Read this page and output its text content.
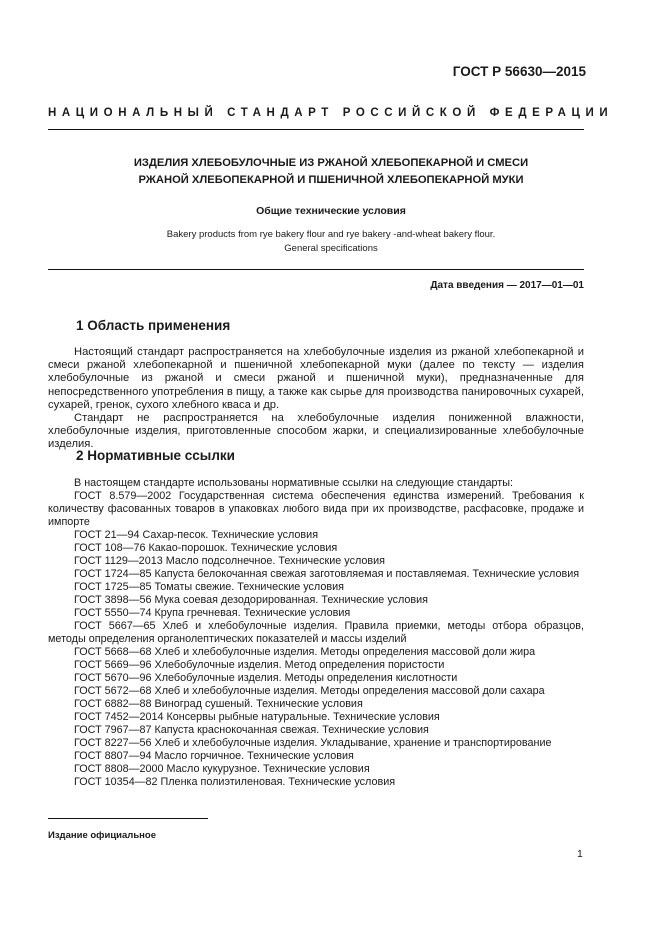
ГОСТ Р 56630—2015
НАЦИОНАЛЬНЫЙ СТАНДАРТ РОССИЙСКОЙ ФЕДЕРАЦИИ
ИЗДЕЛИЯ ХЛЕБОБУЛОЧНЫЕ ИЗ РЖАНОЙ ХЛЕБОПЕКАРНОЙ И СМЕСИ
РЖАНОЙ ХЛЕБОПЕКАРНОЙ И ПШЕНИЧНОЙ ХЛЕБОПЕКАРНОЙ МУКИ
Общие технические условия
Bakery products from rye bakery flour and rye bakery -and-wheat bakery flour.
General specifications
Дата введения — 2017—01—01
1 Область применения

Настоящий стандарт распространяется на хлебобулочные изделия из ржаной хлебопекарной и смеси ржаной хлебопекарной и пшеничной хлебопекарной муки (далее по тексту — изделия хлебобулочные из ржаной и смеси ржаной и пшеничной муки), предназначенные для непосредственного употребления в пищу, а также как сырье для производства панировочных сухарей, сухарей, гренок, сухого хлебного кваса и др.

Стандарт не распространяется на хлебобулочные изделия пониженной влажности, хлебобулочные изделия, приготовленные способом жарки, и специализированные хлебобулочные изделия.

2 Нормативные ссылки

В настоящем стандарте использованы нормативные ссылки на следующие стандарты:

ГОСТ 8.579—2002 Государственная система обеспечения единства измерений. Требования к количеству фасованных товаров в упаковках любого вида при их производстве, расфасовке, продаже и импорте

ГОСТ 21—94 Сахар-песок. Технические условия

ГОСТ 108—76 Какао-порошок. Технические условия

ГОСТ 1129—2013 Масло подсолнечное. Технические условия

ГОСТ 1724—85 Капуста белокочанная свежая заготовляемая и поставляемая. Технические условия

ГОСТ 1725—85 Томаты свежие. Технические условия

ГОСТ 3898—56 Мука соевая дезодорированная. Технические условия

ГОСТ 5550—74 Крупа гречневая. Технические условия

ГОСТ 5667—65 Хлеб и хлебобулочные изделия. Правила приемки, методы отбора образцов, методы определения органолептических показателей и массы изделий

ГОСТ 5668—68 Хлеб и хлебобулочные изделия. Методы определения массовой доли жира

ГОСТ 5669—96 Хлебобулочные изделия. Метод определения пористости

ГОСТ 5670—96 Хлебобулочные изделия. Методы определения кислотности

ГОСТ 5672—68 Хлеб и хлебобулочные изделия. Методы определения массовой доли сахара

ГОСТ 6882—88 Виноград сушеный. Технические условия

ГОСТ 7452—2014 Консервы рыбные натуральные. Технические условия

ГОСТ 7967—87 Капуста краснокочанная свежая. Технические условия

ГОСТ 8227—56 Хлеб и хлебобулочные изделия. Укладывание, хранение и транспортирование

ГОСТ 8807—94 Масло горчичное. Технические условия

ГОСТ 8808—2000 Масло кукурузное. Технические условия

ГОСТ 10354—82 Пленка полиэтиленовая. Технические условия

Издание официальное
1
